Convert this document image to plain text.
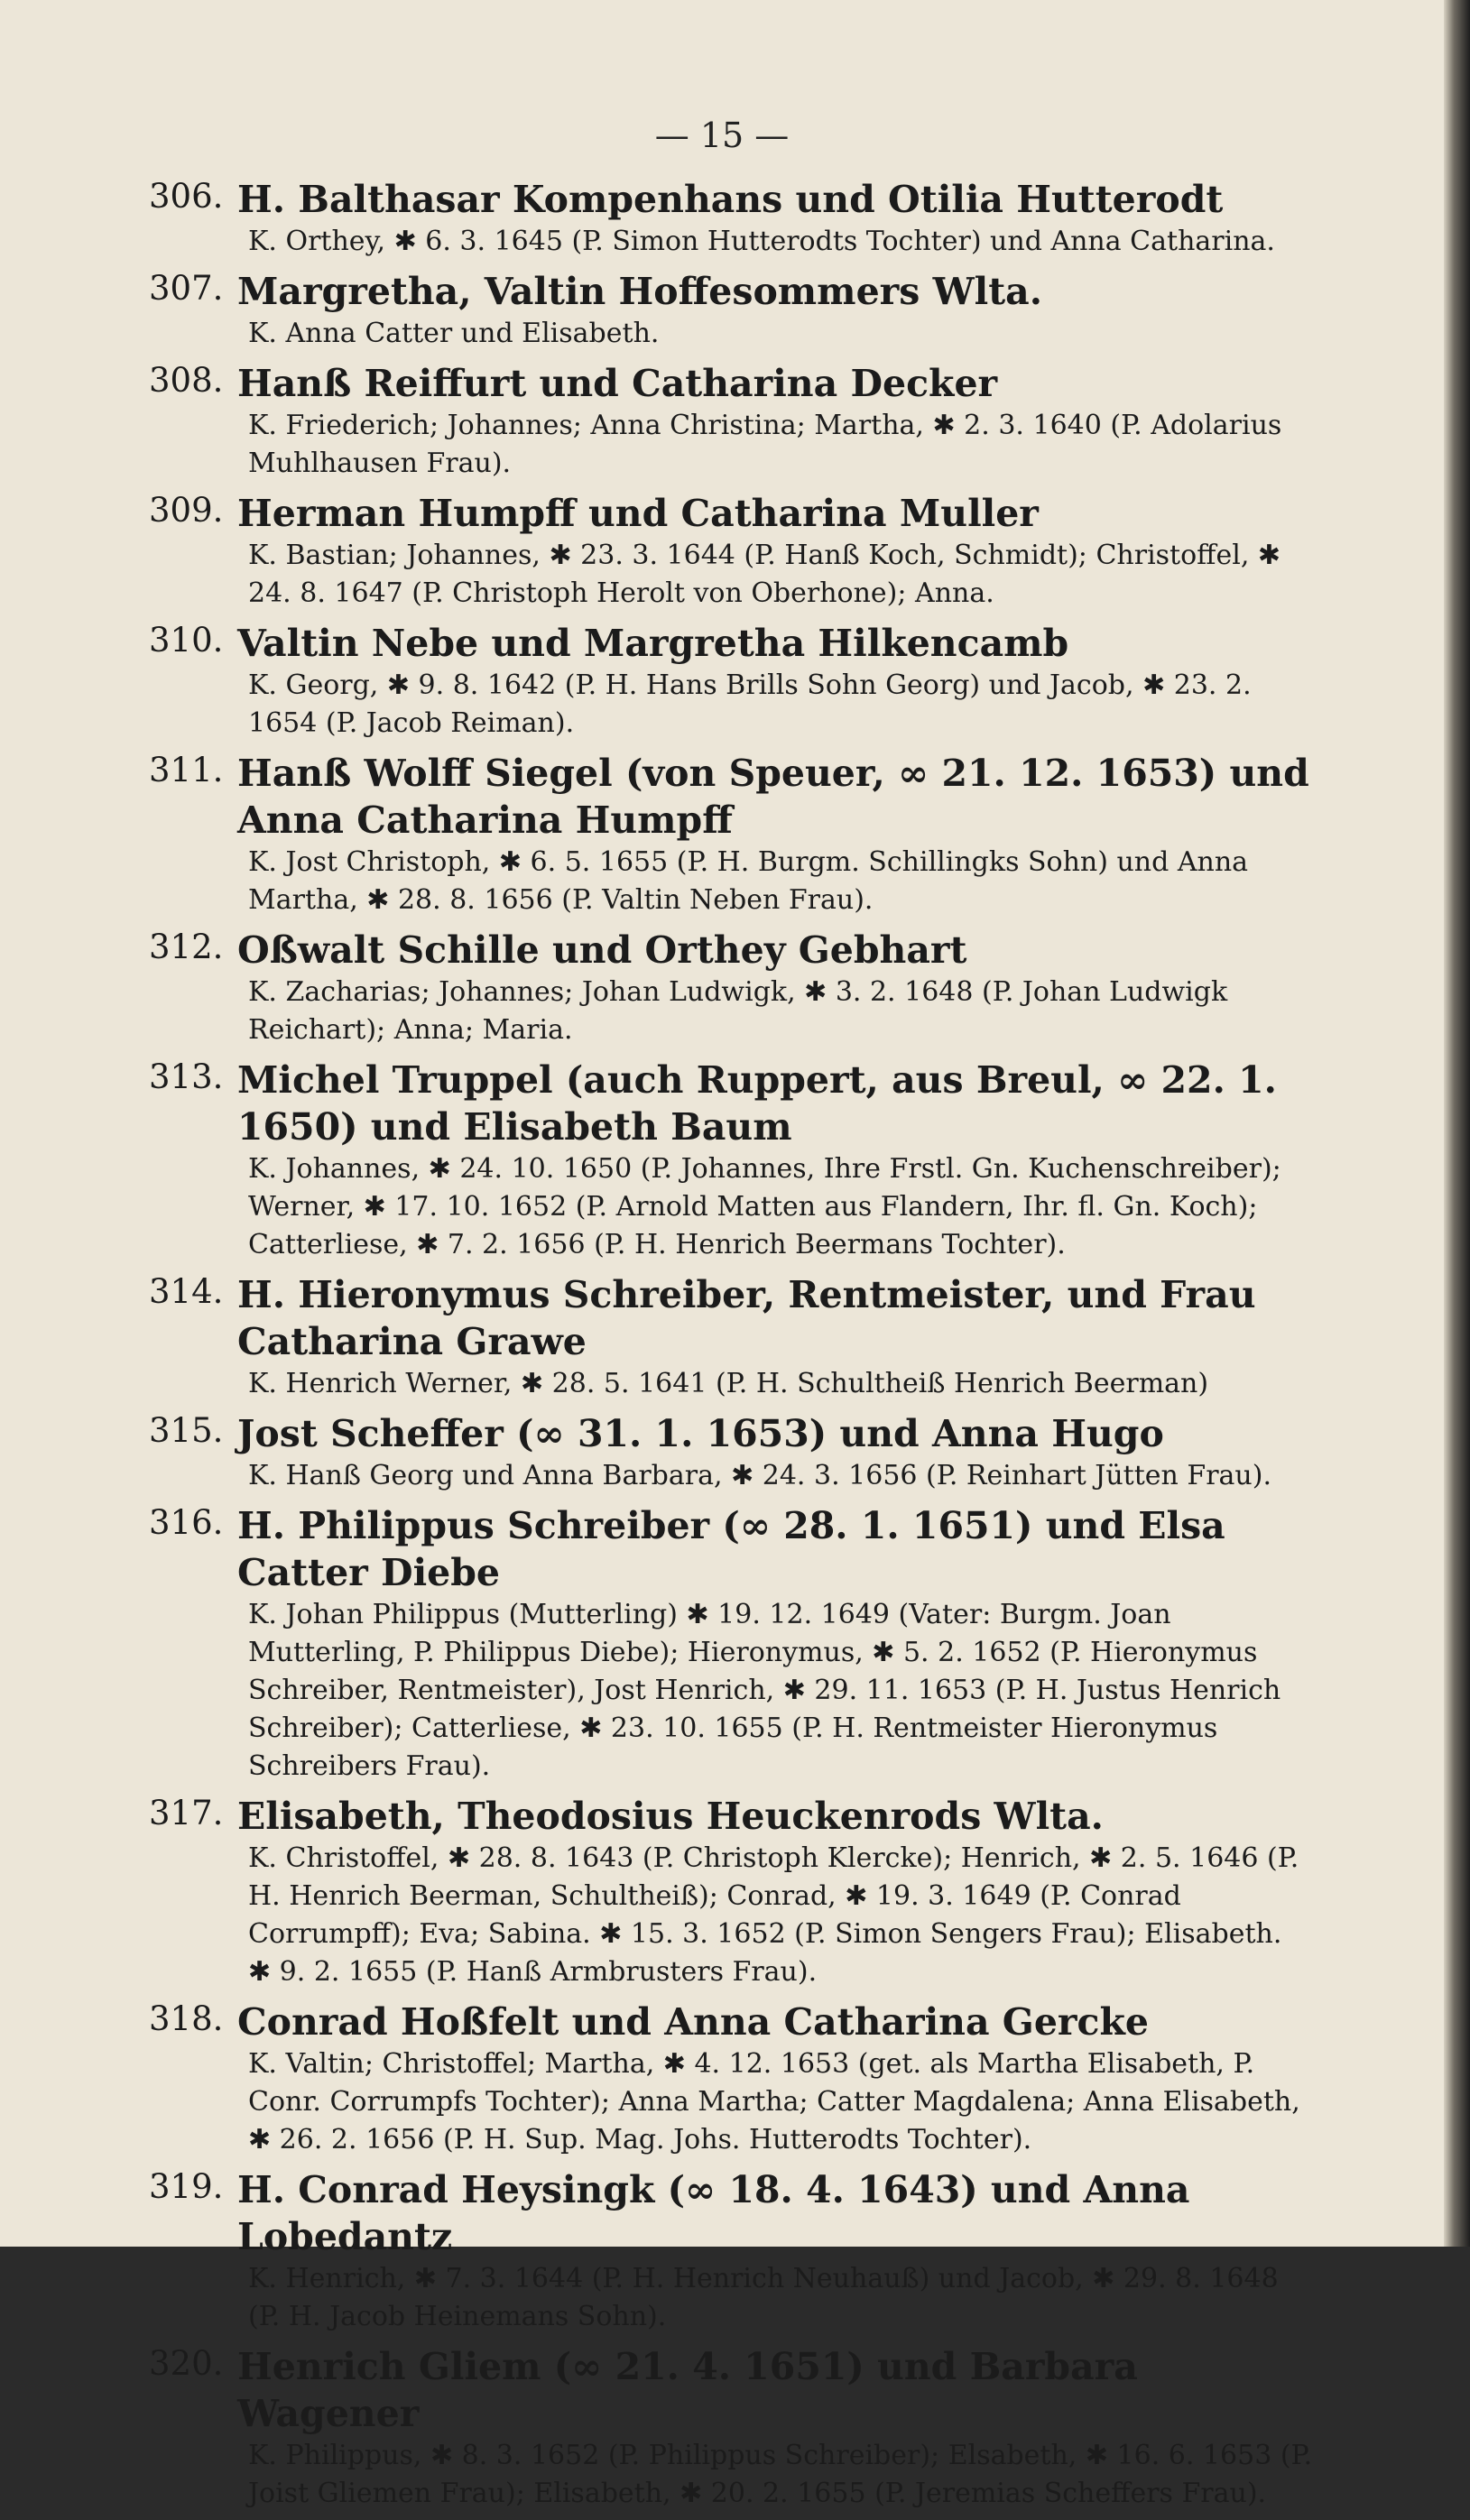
— 15 —
306. H. Balthasar Kompenhans und Otilia Hutterodt
K. Orthey, ✱ 6. 3. 1645 (P. Simon Hutterodts Tochter) und Anna Catharina.
307. Margretha, Valtin Hoffesommers Wlta.
K. Anna Catter und Elisabeth.
308. Hanß Reiffurt und Catharina Decker
K. Friederich; Johannes; Anna Christina; Martha, ✱ 2. 3. 1640 (P. Adolarius Muhlhausen Frau).
309. Herman Humpff und Catharina Muller
K. Bastian; Johannes, ✱ 23. 3. 1644 (P. Hanß Koch, Schmidt); Christoffel, ✱ 24. 8. 1647 (P. Christoph Herolt von Oberhone); Anna.
310. Valtin Nebe und Margretha Hilkencamb
K. Georg, ✱ 9. 8. 1642 (P. H. Hans Brills Sohn Georg) und Jacob, ✱ 23. 2. 1654 (P. Jacob Reiman).
311. Hanß Wolff Siegel (von Speuer, ∞ 21. 12. 1653) und Anna Catharina Humpff
K. Jost Christoph, ✱ 6. 5. 1655 (P. H. Burgm. Schillingks Sohn) und Anna Martha, ✱ 28. 8. 1656 (P. Valtin Neben Frau).
312. Oßwalt Schille und Orthey Gebhart
K. Zacharias; Johannes; Johan Ludwigk, ✱ 3. 2. 1648 (P. Johan Ludwigk Reichart); Anna; Maria.
313. Michel Truppel (auch Ruppert, aus Breul, ∞ 22. 1. 1650) und Elisabeth Baum
K. Johannes, ✱ 24. 10. 1650 (P. Johannes, Ihre Frstl. Gn. Kuchenschreiber); Werner, ✱ 17. 10. 1652 (P. Arnold Matten aus Flandern, Ihr. fl. Gn. Koch); Catterliese, ✱ 7. 2. 1656 (P. H. Henrich Beermans Tochter).
314. H. Hieronymus Schreiber, Rentmeister, und Frau Catharina Grawe
K. Henrich Werner, ✱ 28. 5. 1641 (P. H. Schultheiß Henrich Beerman)
315. Jost Scheffer (∞ 31. 1. 1653) und Anna Hugo
K. Hanß Georg und Anna Barbara, ✱ 24. 3. 1656 (P. Reinhart Jütten Frau).
316. H. Philippus Schreiber (∞ 28. 1. 1651) und Elsa Catter Diebe
K. Johan Philippus (Mutterling) ✱ 19. 12. 1649 (Vater: Burgm. Joan Mutterling, P. Philippus Diebe); Hieronymus, ✱ 5. 2. 1652 (P. Hieronymus Schreiber, Rentmeister), Jost Henrich, ✱ 29. 11. 1653 (P. H. Justus Henrich Schreiber); Catterliese, ✱ 23. 10. 1655 (P. H. Rentmeister Hieronymus Schreibers Frau).
317. Elisabeth, Theodosius Heuckenrods Wlta.
K. Christoffel, ✱ 28. 8. 1643 (P. Christoph Klercke); Henrich, ✱ 2. 5. 1646 (P. H. Henrich Beerman, Schultheiß); Conrad, ✱ 19. 3. 1649 (P. Conrad Corrumpff); Eva; Sabina. ✱ 15. 3. 1652 (P. Simon Sengers Frau); Elisabeth. ✱ 9. 2. 1655 (P. Hanß Armbrusters Frau).
318. Conrad Hoßfelt und Anna Catharina Gercke
K. Valtin; Christoffel; Martha, ✱ 4. 12. 1653 (get. als Martha Elisabeth, P. Conr. Corrumpfs Tochter); Anna Martha; Catter Magdalena; Anna Elisabeth, ✱ 26. 2. 1656 (P. H. Sup. Mag. Johs. Hutterodts Tochter).
319. H. Conrad Heysingk (∞ 18. 4. 1643) und Anna Lobedantz
K. Henrich, ✱ 7. 3. 1644 (P. H. Henrich Neuhauß) und Jacob, ✱ 29. 8. 1648 (P. H. Jacob Heinemans Sohn).
320. Henrich Gliem (∞ 21. 4. 1651) und Barbara Wagener
K. Philippus, ✱ 8. 3. 1652 (P. Philippus Schreiber); Elsabeth, ✱ 16. 6. 1653 (P. Joist Gliemen Frau); Elisabeth, ✱ 20. 2. 1655 (P. Jeremias Scheffers Frau).
